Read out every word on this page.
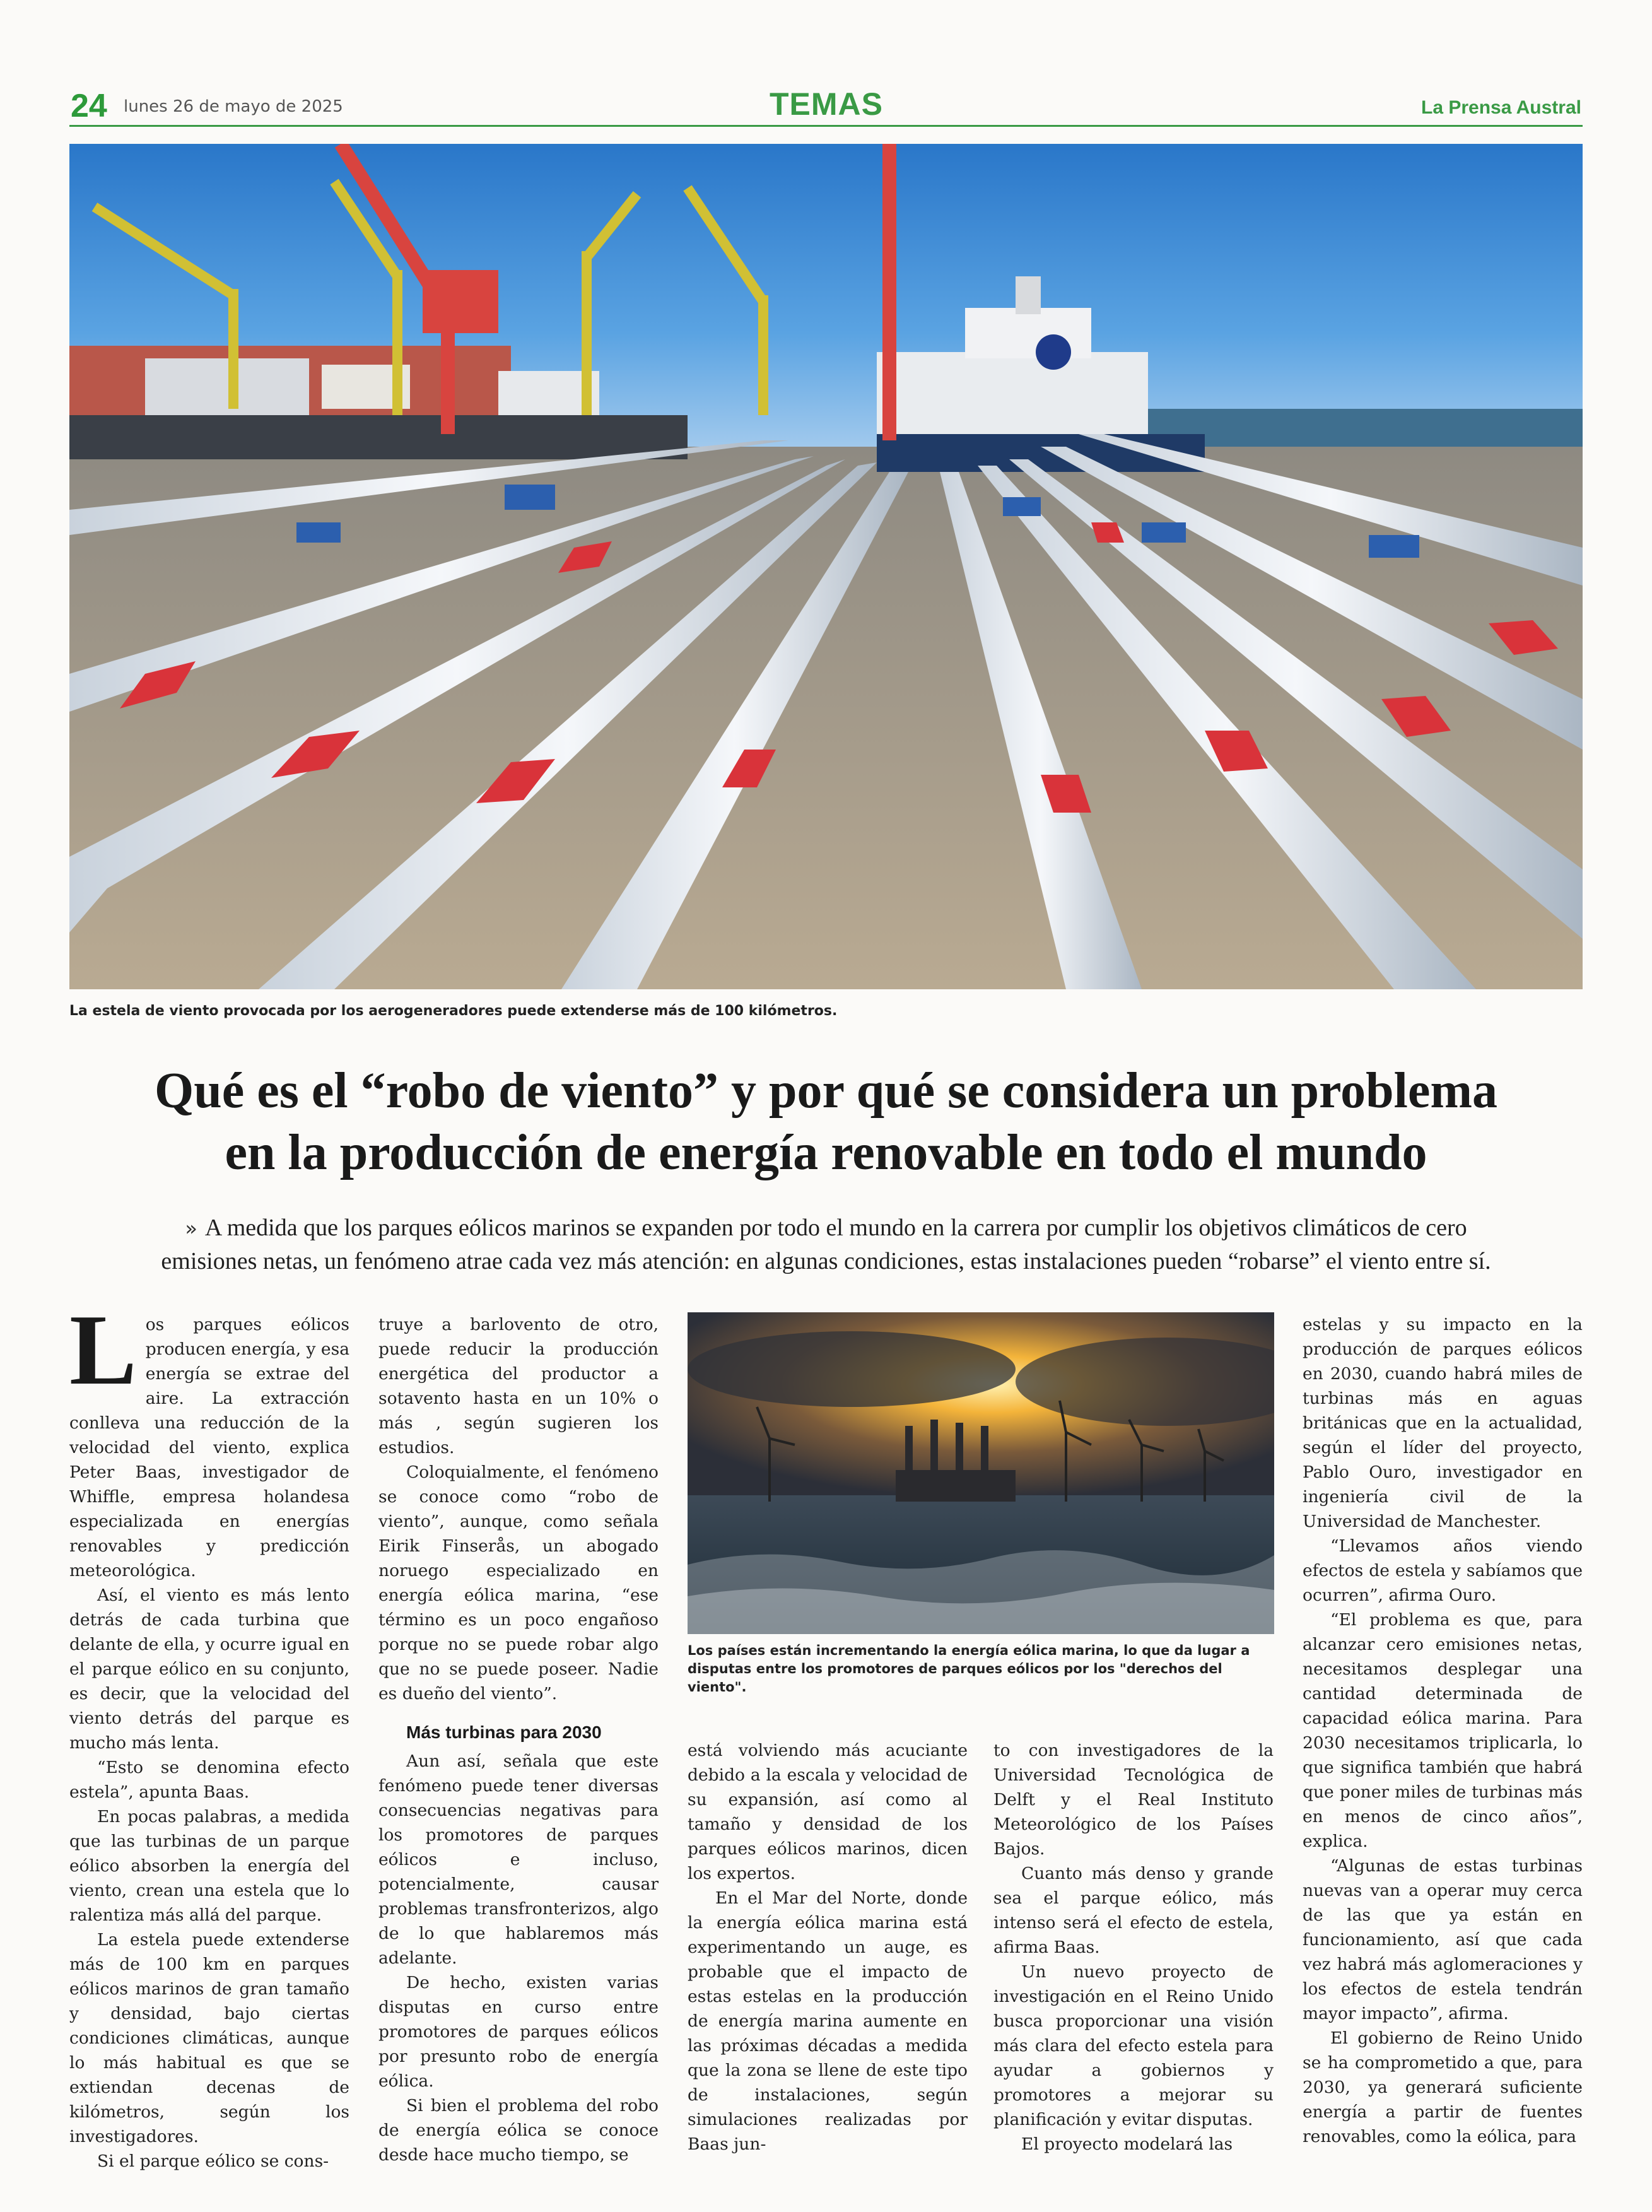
24 lunes 26 de mayo de 2025	TEMAS	La Prensa Austral
La estela de viento provocada por los aerogeneradores puede extenderse más de 100 kilómetros.
Qué es el “robo de viento” y por qué se considera un problema
en la producción de energía renovable en todo el mundo
» A medida que los parques eólicos marinos se expanden por todo el mundo en la carrera por cumplir los objetivos climáticos de cero
emisiones netas, un fenómeno atrae cada vez más atención: en algunas condiciones, estas instalaciones pueden “robarse” el viento entre sí.

Los parques eólicos producen energía, y esa energía se extrae del aire. La extracción conlleva una reducción de la velocidad del viento, explica Peter Baas, investigador de Whiffle, empresa holandesa especializada en energías renovables y predicción meteorológica.

Así, el viento es más lento detrás de cada turbina que delante de ella, y ocurre igual en el parque eólico en su conjunto, es decir, que la velocidad del viento detrás del parque es mucho más lenta.

“Esto se denomina efecto estela”, apunta Baas.

En pocas palabras, a medida que las turbinas de un parque eólico absorben la energía del viento, crean una estela que lo ralentiza más allá del parque.

La estela puede extenderse más de 100 km en parques eólicos marinos de gran tamaño y densidad, bajo ciertas condiciones climáticas, aunque lo más habitual es que se extiendan decenas de kilómetros, según los investigadores.

Si el parque eólico se cons-

truye a barlovento de otro, puede reducir la producción energética del productor a sotavento hasta en un 10% o más , según sugieren los estudios.

Coloquialmente, el fenómeno se conoce como “robo de viento”, aunque, como señala Eirik Finserås, un abogado noruego especializado en energía eólica marina, “ese término es un poco engañoso porque no se puede robar algo que no se puede poseer. Nadie es dueño del viento”.

Más turbinas para 2030

Aun así, señala que este fenómeno puede tener diversas consecuencias negativas para los promotores de parques eólicos e incluso, potencialmente, causar problemas transfronterizos, algo de lo que hablaremos más adelante.

De hecho, existen varias disputas en curso entre promotores de parques eólicos por presunto robo de energía eólica.

Si bien el problema del robo de energía eólica se conoce desde hace mucho tiempo, se

Los países están incrementando la energía eólica marina, lo que da lugar a disputas entre los promotores de parques eólicos por los "derechos del viento".

está volviendo más acuciante debido a la escala y velocidad de su expansión, así como al tamaño y densidad de los parques eólicos marinos, dicen los expertos.

En el Mar del Norte, donde la energía eólica marina está experimentando un auge, es probable que el impacto de estas estelas en la producción de energía marina aumente en las próximas décadas a medida que la zona se llene de este tipo de instalaciones, según simulaciones realizadas por Baas jun-

to con investigadores de la Universidad Tecnológica de Delft y el Real Instituto Meteorológico de los Países Bajos.

Cuanto más denso y grande sea el parque eólico, más intenso será el efecto de estela, afirma Baas.

Un nuevo proyecto de investigación en el Reino Unido busca proporcionar una visión más clara del efecto estela para ayudar a gobiernos y promotores a mejorar su planificación y evitar disputas.

El proyecto modelará las

estelas y su impacto en la producción de parques eólicos en 2030, cuando habrá miles de turbinas más en aguas británicas que en la actualidad, según el líder del proyecto, Pablo Ouro, investigador en ingeniería civil de la Universidad de Manchester.

“Llevamos años viendo efectos de estela y sabíamos que ocurren”, afirma Ouro.

“El problema es que, para alcanzar cero emisiones netas, necesitamos desplegar una cantidad determinada de capacidad eólica marina. Para 2030 necesitamos triplicarla, lo que significa también que habrá que poner miles de turbinas más en menos de cinco años”, explica.

“Algunas de estas turbinas nuevas van a operar muy cerca de las que ya están en funcionamiento, así que cada vez habrá más aglomeraciones y los efectos de estela tendrán mayor impacto”, afirma.

El gobierno de Reino Unido se ha comprometido a que, para 2030, ya generará suficiente energía a partir de fuentes renovables, como la eólica, para
